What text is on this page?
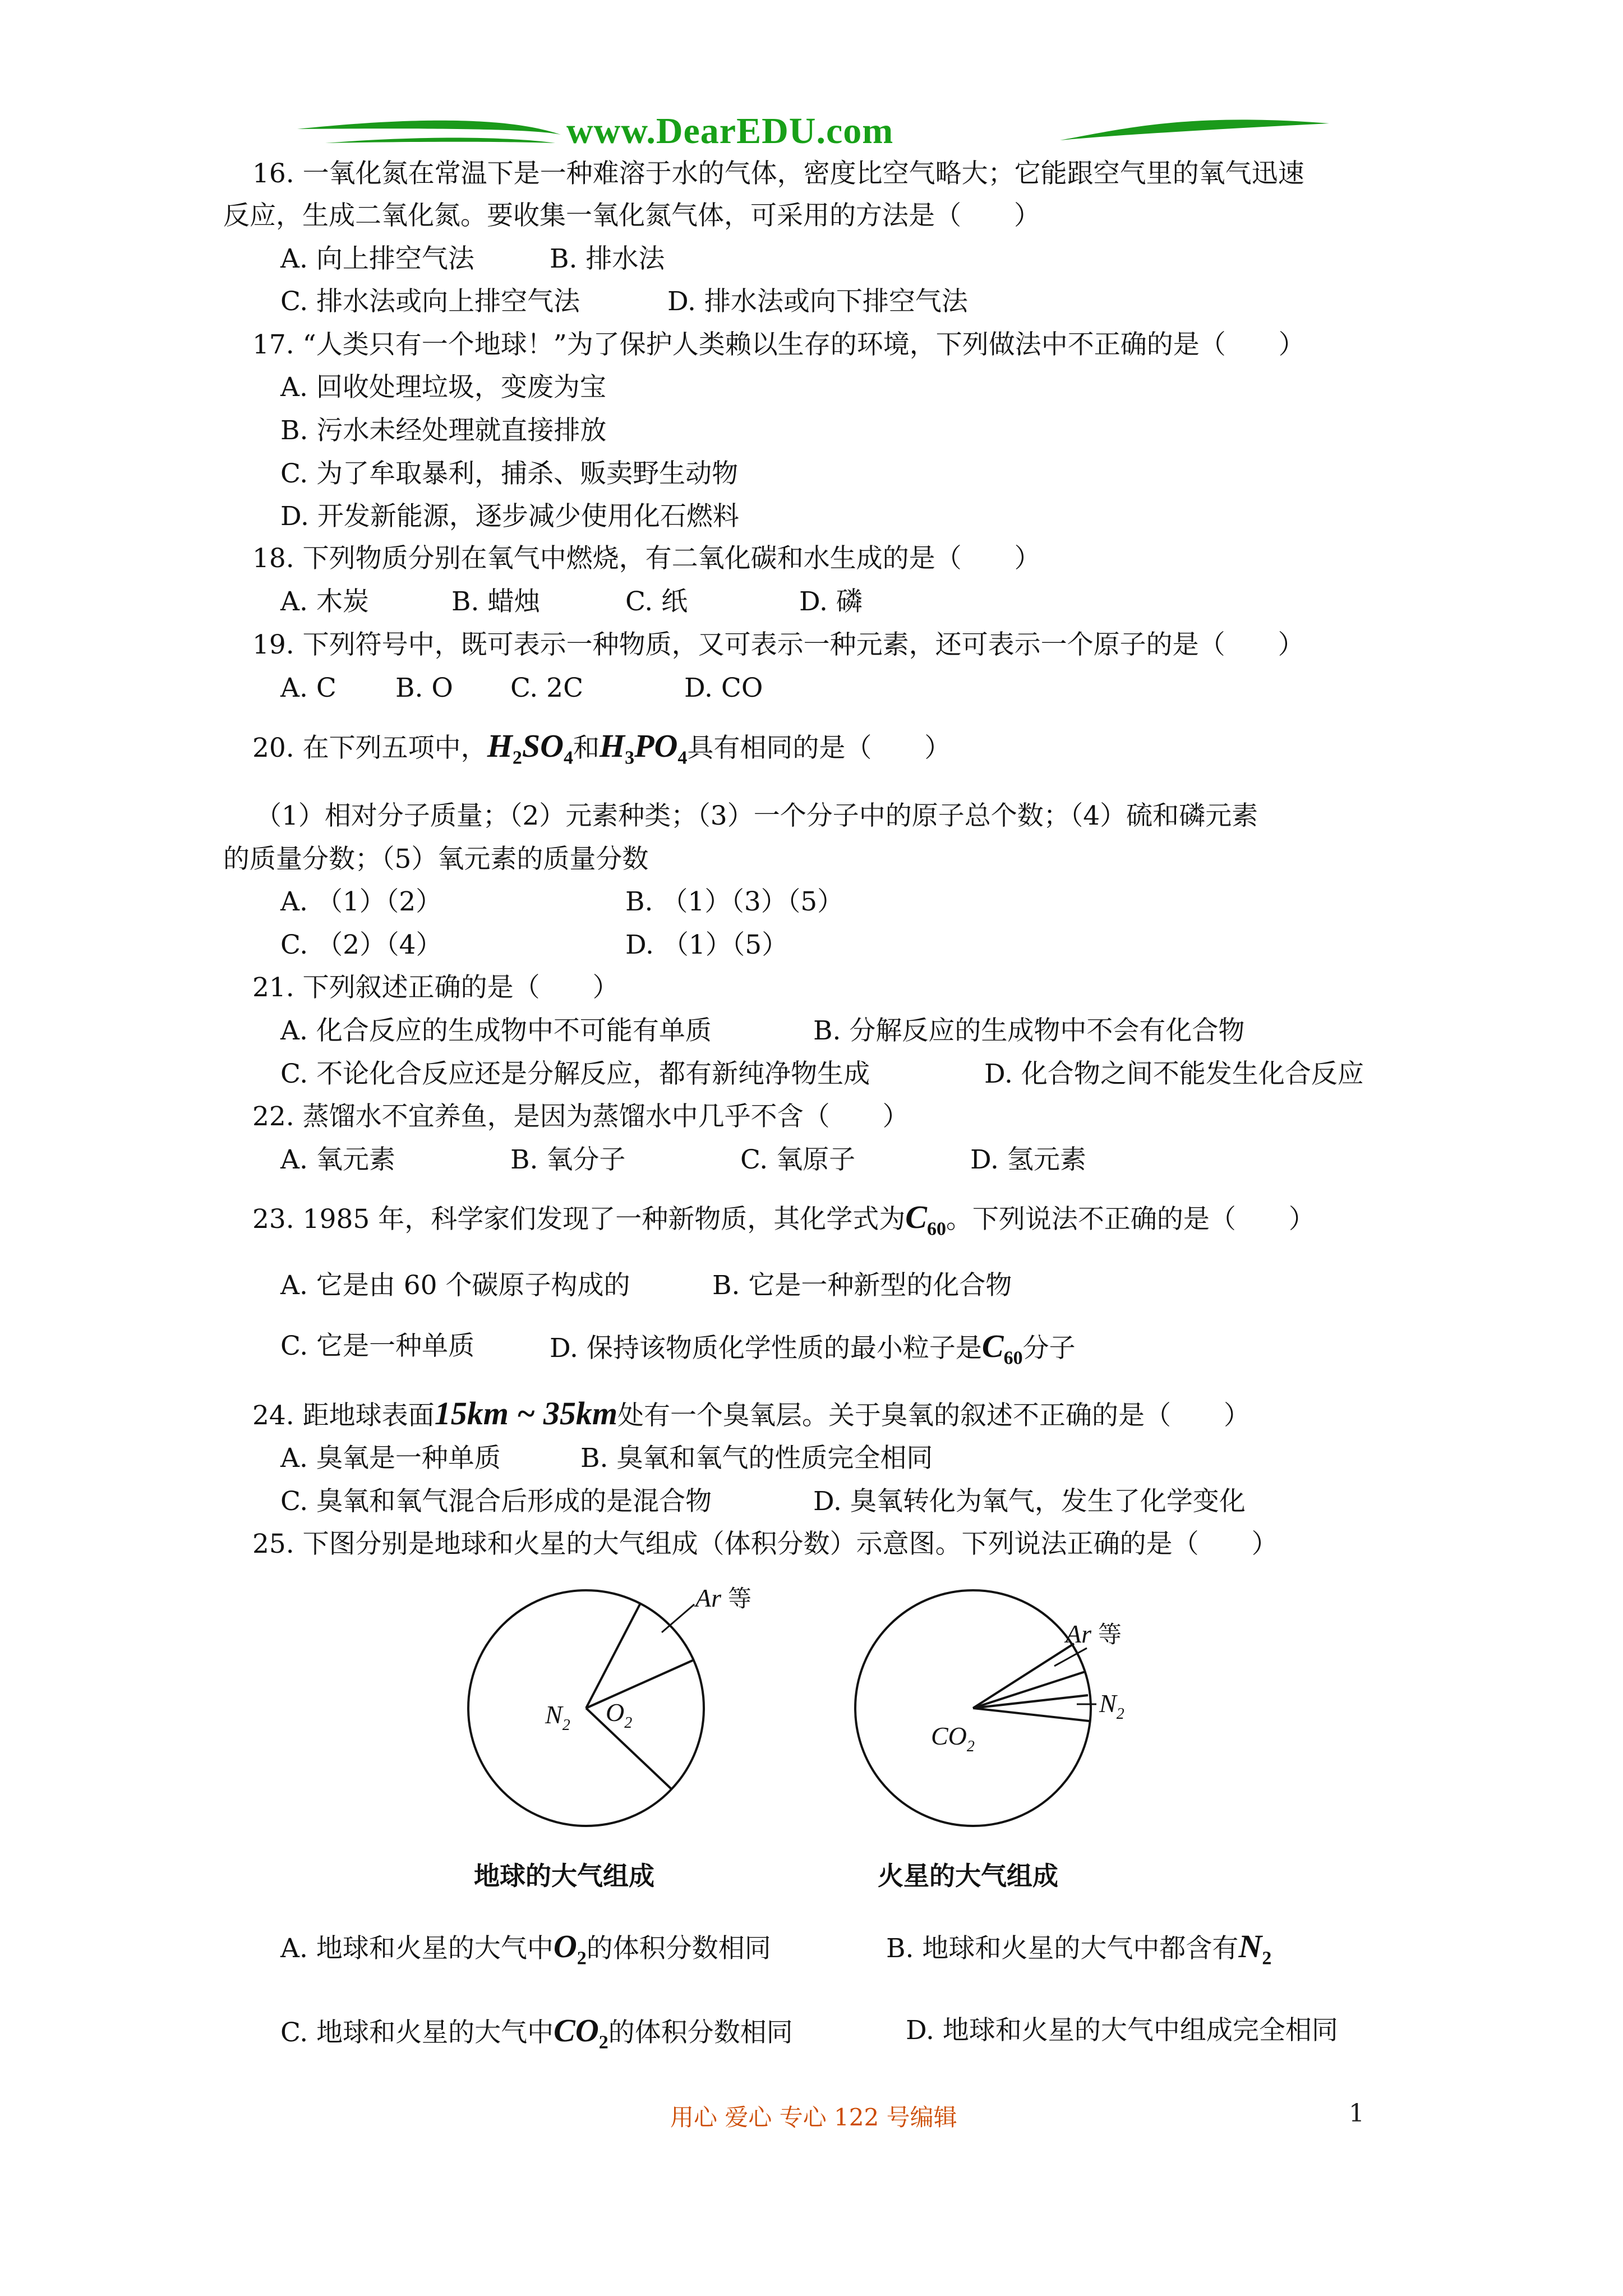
www.DearEDU.com
16. 一氧化氮在常温下是一种难溶于水的气体，密度比空气略大；它能跟空气里的氧气迅速
反应，生成二氧化氮。要收集一氧化氮气体，可采用的方法是（　　）
A. 向上排空气法	B. 排水法
C. 排水法或向上排空气法	D. 排水法或向下排空气法
17. “人类只有一个地球！”为了保护人类赖以生存的环境，下列做法中不正确的是（　　）
A. 回收处理垃圾，变废为宝
B. 污水未经处理就直接排放
C. 为了牟取暴利，捕杀、贩卖野生动物
D. 开发新能源，逐步减少使用化石燃料
18. 下列物质分别在氧气中燃烧，有二氧化碳和水生成的是（　　）
A. 木炭	B. 蜡烛	C. 纸	D. 磷
19. 下列符号中，既可表示一种物质，又可表示一种元素，还可表示一个原子的是（　　）
A. C B. O C. 2C	D. CO
20. 在下列五项中，$H_2SO_4$和$H_3PO_4$具有相同的是（　　）
（1）相对分子质量；（2）元素种类；（3）一个分子中的原子总个数；（4）硫和磷元素
的质量分数；（5）氧元素的质量分数
A. （1）（2）	B. （1）（3）（5）
C. （2）（4）	D. （1）（5）
21. 下列叙述正确的是（　　）
A. 化合反应的生成物中不可能有单质	B. 分解反应的生成物中不会有化合物
C. 不论化合反应还是分解反应，都有新纯净物生成	D. 化合物之间不能发生化合反应
22. 蒸馏水不宜养鱼，是因为蒸馏水中几乎不含（　　）
A. 氧元素	B. 氧分子	C. 氧原子	D. 氢元素
23. 1985 年，科学家们发现了一种新物质，其化学式为$C_{60}$。下列说法不正确的是（　　）
A. 它是由 60 个碳原子构成的	B. 它是一种新型的化合物
C. 它是一种单质	D. 保持该物质化学性质的最小粒子是$C_{60}$分子
24. 距地球表面15km ~ 35km处有一个臭氧层。关于臭氧的叙述不正确的是（　　）
A. 臭氧是一种单质	B. 臭氧和氧气的性质完全相同
C. 臭氧和氧气混合后形成的是混合物	D. 臭氧转化为氧气，发生了化学变化
25. 下图分别是地球和火星的大气组成（体积分数）示意图。下列说法正确的是（　　）
$N_2$ $O_2$
Ar 等
地球的大气组成
$CO_2$
Ar 等
$N_2$
火星的大气组成
A. 地球和火星的大气中$O_2$的体积分数相同	B. 地球和火星的大气中都含有$N_2$
C. 地球和火星的大气中$CO_2$的体积分数相同	D. 地球和火星的大气中组成完全相同
用心 爱心 专心 122 号编辑	1
